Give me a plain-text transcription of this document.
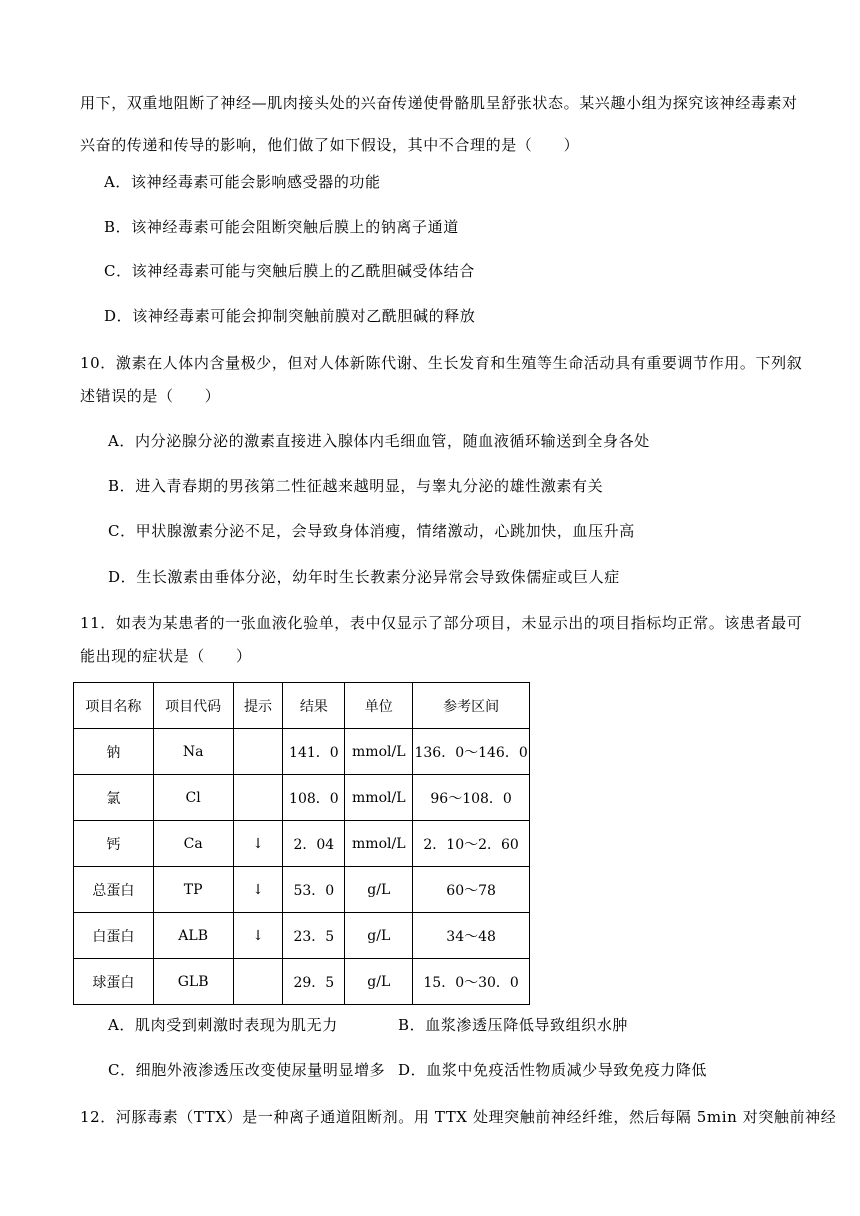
用下，双重地阻断了神经—肌肉接头处的兴奋传递使骨骼肌呈舒张状态。某兴趣小组为探究该神经毒素对
兴奋的传递和传导的影响，他们做了如下假设，其中不合理的是（　　）
A．该神经毒素可能会影响感受器的功能
B．该神经毒素可能会阻断突触后膜上的钠离子通道
C．该神经毒素可能与突触后膜上的乙酰胆碱受体结合
D．该神经毒素可能会抑制突触前膜对乙酰胆碱的释放
10．激素在人体内含量极少，但对人体新陈代谢、生长发育和生殖等生命活动具有重要调节作用。下列叙
述错误的是（　　）
A．内分泌腺分泌的激素直接进入腺体内毛细血管，随血液循环输送到全身各处
B．进入青春期的男孩第二性征越来越明显，与睾丸分泌的雄性激素有关
C．甲状腺激素分泌不足，会导致身体消瘦，情绪激动，心跳加快，血压升高
D．生长激素由垂体分泌，幼年时生长教素分泌异常会导致侏儒症或巨人症
11．如表为某患者的一张血液化验单，表中仅显示了部分项目，未显示出的项目指标均正常。该患者最可
能出现的症状是（　　）
项目名称	项目代码	提示	结果	单位	参考区间
钠	Na		141．0	mmol/L	136．0～146．0
氯	Cl		108．0	mmol/L	96～108．0
钙	Ca	↓	2．04	mmol/L	2．10～2．60
总蛋白	TP	↓	53．0	g/L	60～78
白蛋白	ALB	↓	23．5	g/L	34～48
球蛋白	GLB		29．5	g/L	15．0～30．0
A．肌肉受到刺激时表现为肌无力	B．血浆渗透压降低导致组织水肿
C．细胞外液渗透压改变使尿量明显增多 D．血浆中免疫活性物质减少导致免疫力降低
12．河豚毒素（TTX）是一种离子通道阻断剂。用 TTX 处理突触前神经纤维，然后每隔 5min 对突触前神经
